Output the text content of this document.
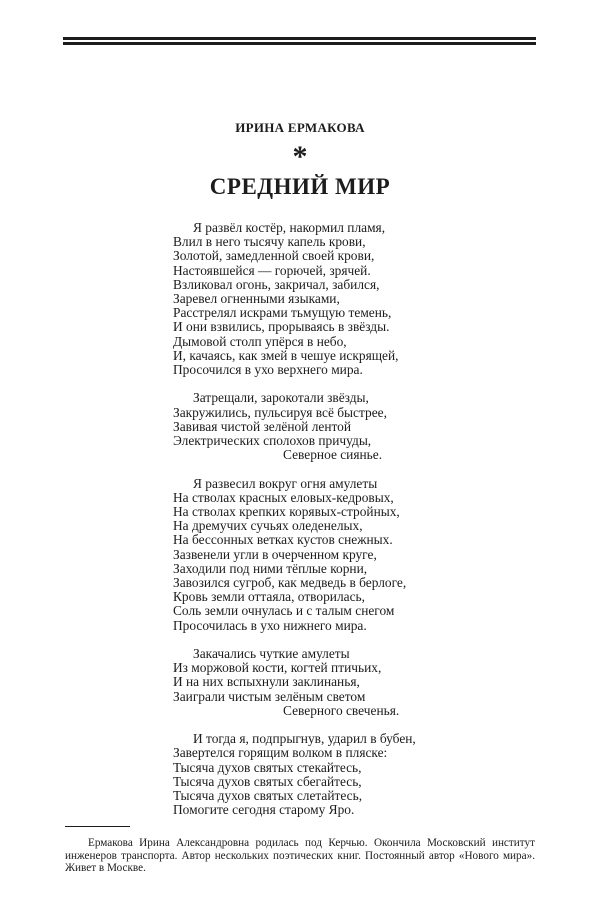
ИРИНА ЕРМАКОВА
*
СРЕДНИЙ МИР
Я развёл костёр, накормил пламя,
Влил в него тысячу капель крови,
Золотой, замедленной своей крови,
Настоявшейся — горючей, зрячей.
Взликовал огонь, закричал, забился,
Заревел огненными языками,
Расстрелял искрами тьмущую темень,
И они взвились, прорываясь в звёзды.
Дымовой столп упёрся в небо,
И, качаясь, как змей в чешуе искрящей,
Просочился в ухо верхнего мира.
Затрещали, зарокотали звёзды,
Закружились, пульсируя всё быстрее,
Завивая чистой зелёной лентой
Электрических сполохов причуды,
Северное сиянье.
Я развесил вокруг огня амулеты
На стволах красных еловых-кедровых,
На стволах крепких корявых-стройных,
На дремучих сучьях оледенелых,
На бессонных ветках кустов снежных.
Зазвенели угли в очерченном круге,
Заходили под ними тёплые корни,
Завозился сугроб, как медведь в берлоге,
Кровь земли оттаяла, отворилась,
Соль земли очнулась и с талым снегом
Просочилась в ухо нижнего мира.
Закачались чуткие амулеты
Из моржовой кости, когтей птичьих,
И на них вспыхнули заклинанья,
Заиграли чистым зелёным светом
Северного свеченья.
И тогда я, подпрыгнув, ударил в бубен,
Завертелся горящим волком в пляске:
Тысяча духов святых стекайтесь,
Тысяча духов святых сбегайтесь,
Тысяча духов святых слетайтесь,
Помогите сегодня старому Яро.
Ермакова Ирина Александровна родилась под Керчью. Окончила Московский институт инженеров транспорта. Автор нескольких поэтических книг. Постоянный автор «Нового мира». Живет в Москве.
